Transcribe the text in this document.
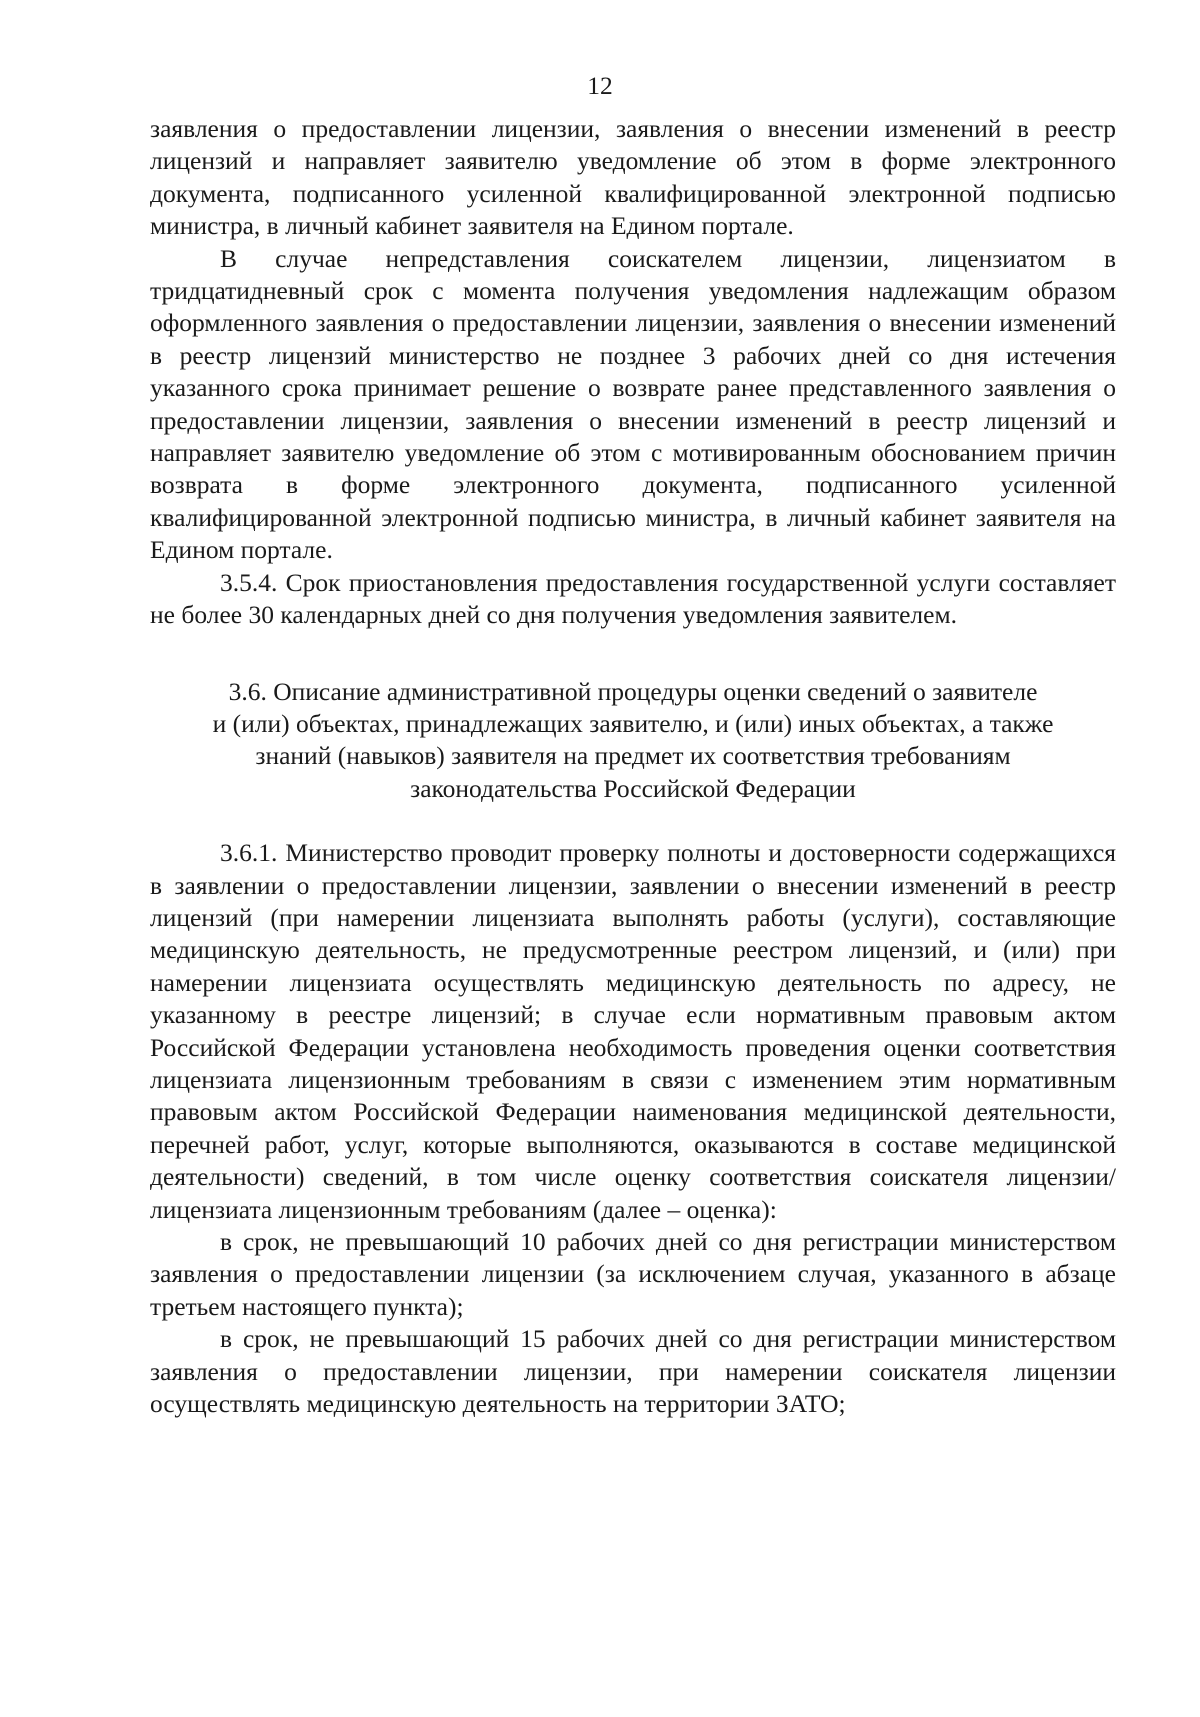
12

заявления о предоставлении лицензии, заявления о внесении изменений в реестр лицензий и направляет заявителю уведомление об этом в форме электронного документа, подписанного усиленной квалифицированной электронной подписью министра, в личный кабинет заявителя на Едином портале.

В случае непредставления соискателем лицензии, лицензиатом в тридцатидневный срок с момента получения уведомления надлежащим образом оформленного заявления о предоставлении лицензии, заявления о внесении изменений в реестр лицензий министерство не позднее 3 рабочих дней со дня истечения указанного срока принимает решение о возврате ранее представленного заявления о предоставлении лицензии, заявления о внесении изменений в реестр лицензий и направляет заявителю уведомление об этом с мотивированным обоснованием причин возврата в форме электронного документа, подписанного усиленной квалифицированной электронной подписью министра, в личный кабинет заявителя на Едином портале.

3.5.4. Срок приостановления предоставления государственной услуги составляет не более 30 календарных дней со дня получения уведомления заявителем.

3.6. Описание административной процедуры оценки сведений о заявителе
и (или) объектах, принадлежащих заявителю, и (или) иных объектах, а также
знаний (навыков) заявителя на предмет их соответствия требованиям
законодательства Российской Федерации

3.6.1. Министерство проводит проверку полноты и достоверности содержащихся в заявлении о предоставлении лицензии, заявлении о внесении изменений в реестр лицензий (при намерении лицензиата выполнять работы (услуги), составляющие медицинскую деятельность, не предусмотренные реестром лицензий, и (или) при намерении лицензиата осуществлять медицинскую деятельность по адресу, не указанному в реестре лицензий; в случае если нормативным правовым актом Российской Федерации установлена необходимость проведения оценки соответствия лицензиата лицензионным требованиям в связи с изменением этим нормативным правовым актом Российской Федерации наименования медицинской деятельности, перечней работ, услуг, которые выполняются, оказываются в составе медицинской деятельности) сведений, в том числе оценку соответствия соискателя лицензии/лицензиата лицензионным требованиям (далее – оценка):

в срок, не превышающий 10 рабочих дней со дня регистрации министерством заявления о предоставлении лицензии (за исключением случая, указанного в абзаце третьем настоящего пункта);

в срок, не превышающий 15 рабочих дней со дня регистрации министерством заявления о предоставлении лицензии, при намерении соискателя лицензии осуществлять медицинскую деятельность на территории ЗАТО;
